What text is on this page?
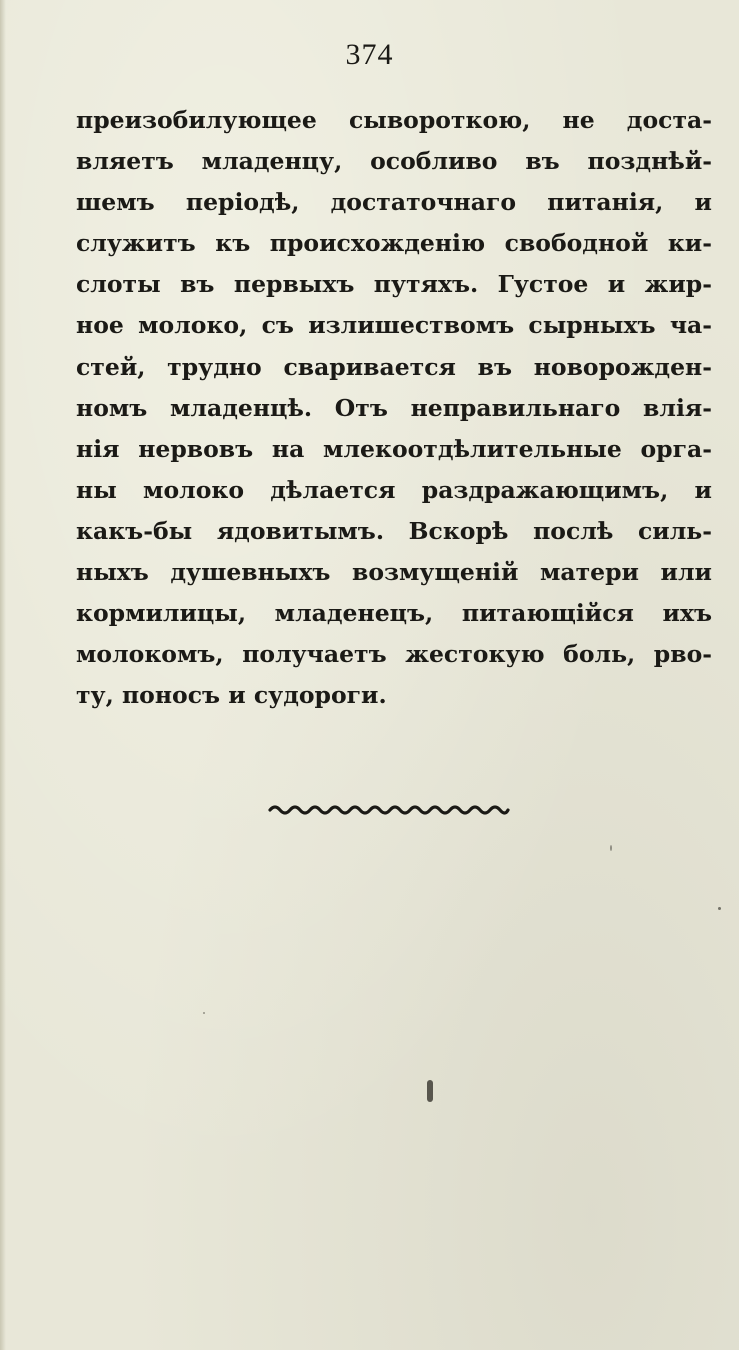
374
преизобилующее сывороткою, не доста-
вляетъ младенцу, особливо въ позднѣй-
шемъ періодѣ, достаточнаго питанія, и
служитъ къ происхожденію свободной ки-
слоты въ первыхъ путяхъ. Густое и жир-
ное молоко, съ излишествомъ сырныхъ ча-
стей, трудно сваривается въ новорожден-
номъ младенцѣ. Отъ неправильнаго влія-
нія нервовъ на млекоотдѣлительные орга-
ны молоко дѣлается раздражающимъ, и
какъ-бы ядовитымъ. Вскорѣ послѣ силь-
ныхъ душевныхъ возмущеній матери или
кормилицы, младенецъ, питающійся ихъ
молокомъ, получаетъ жестокую боль, рво-
ту, поносъ и судороги.
